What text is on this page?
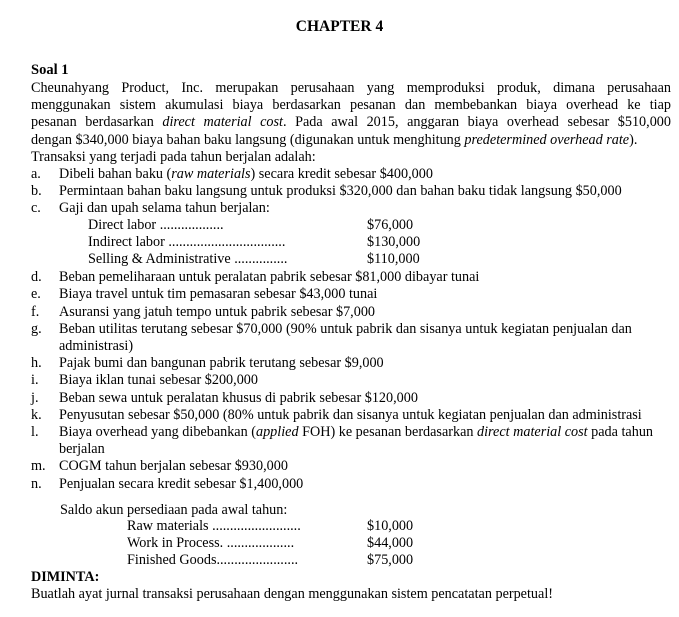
CHAPTER 4
Soal 1
Cheunahyang Product, Inc. merupakan perusahaan yang memproduksi produk, dimana perusahaan
menggunakan sistem akumulasi biaya berdasarkan pesanan dan membebankan biaya overhead ke tiap
pesanan berdasarkan direct material cost. Pada awal 2015, anggaran biaya overhead sebesar $510,000
dengan $340,000 biaya bahan baku langsung (digunakan untuk menghitung predetermined overhead rate).
Transaksi yang terjadi pada tahun berjalan adalah:
a.	Dibeli bahan baku (raw materials) secara kredit sebesar $400,000
b.	Permintaan bahan baku langsung untuk produksi $320,000 dan bahan baku tidak langsung $50,000
c.	Gaji dan upah selama tahun berjalan:
d.	Beban pemeliharaan untuk peralatan pabrik sebesar $81,000 dibayar tunai
e.	Biaya travel untuk tim pemasaran sebesar $43,000 tunai
f.	Asuransi yang jatuh tempo untuk pabrik sebesar $7,000
g.	Beban utilitas terutang sebesar $70,000 (90% untuk pabrik dan sisanya untuk kegiatan penjualan dan administrasi)
h.	Pajak bumi dan bangunan pabrik terutang sebesar $9,000
i.	Biaya iklan tunai sebesar $200,000
j.	Beban sewa untuk peralatan khusus di pabrik sebesar $120,000
k.	Penyusutan sebesar $50,000 (80% untuk pabrik dan sisanya untuk kegiatan penjualan dan administrasi
l.	Biaya overhead yang dibebankan (applied FOH) ke pesanan berdasarkan direct material cost pada tahun berjalan
m. COGM tahun berjalan sebesar $930,000
n.	Penjualan secara kredit sebesar $1,400,000
Direct labor ..................	$76,000
Indirect labor .................................	$130,000
Selling & Administrative ...............	$110,000
Saldo akun persediaan pada awal tahun:
Raw materials .........................	$10,000
Work in Process. ...................	$44,000
Finished Goods.......................	$75,000
DIMINTA:
Buatlah ayat jurnal transaksi perusahaan dengan menggunakan sistem pencatatan perpetual!
